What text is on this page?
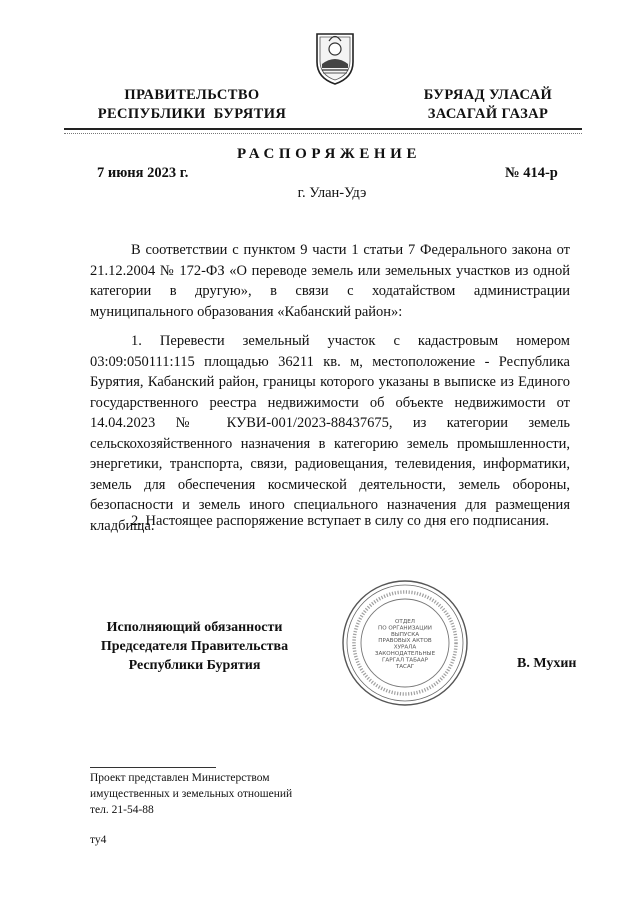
ПРАВИТЕЛЬСТВО
РЕСПУБЛИКИ  БУРЯТИЯ
БУРЯАД УЛАСАЙ
ЗАСАГАЙ ГАЗАР
РАСПОРЯЖЕНИЕ
7 июня 2023 г.	№ 414-р
г. Улан-Удэ

В соответствии с пунктом 9 части 1 статьи 7 Федерального закона от 21.12.2004 № 172-ФЗ «О переводе земель или земельных участков из одной категории в другую», в связи с ходатайством администрации муниципального образования «Кабанский район»:

1. Перевести земельный участок с кадастровым номером 03:09:050111:115 площадью 36211 кв. м, местоположение - Республика Бурятия, Кабанский район, границы которого указаны в выписке из Единого государственного реестра недвижимости об объекте недвижимости от 14.04.2023 № КУВИ-001/2023-88437675, из категории земель сельскохозяйственного назначения в категорию земель промышленности, энергетики, транспорта, связи, радиовещания, телевидения, информатики, земель для обеспечения космической деятельности, земель обороны, безопасности и земель иного специального назначения для размещения кладбища.

2. Настоящее распоряжение вступает в силу со дня его подписания.

Исполняющий обязанности
Председателя Правительства
Республики Бурятия	В. Мухин
ОТДЕЛ
ПО ОРГАНИЗАЦИИ
ВЫПУСКА
ПРАВОВЫХ АКТОВ
ХУРАЛА
ЗАКОНОДАТЕЛЬНЫЕ
ГАРГАЛ ТАБААР
ТАСАГ
Проект представлен Министерством
имущественных и земельных отношений
тел. 21-54-88
ту4
